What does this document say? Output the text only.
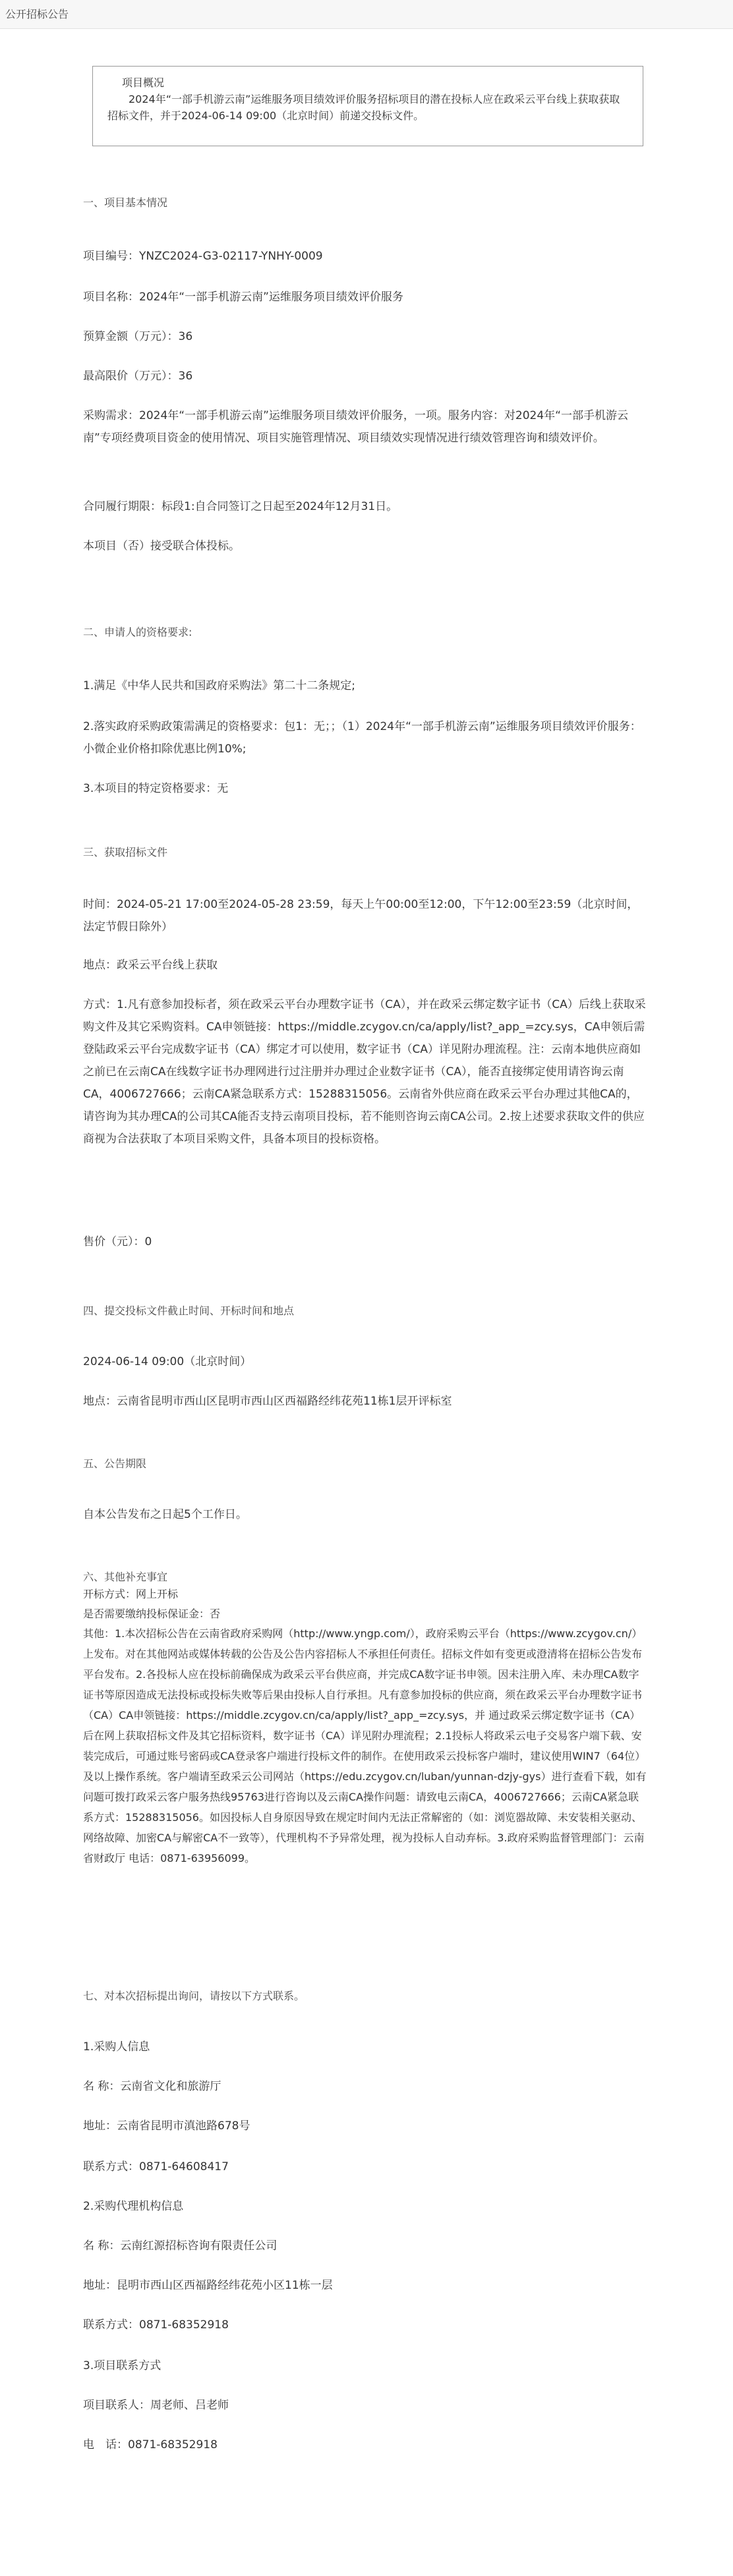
公开招标公告
项目概况
2024年“一部手机游云南”运维服务项目绩效评价服务招标项目的潜在投标人应在政采云平台线上获取获取招标文件，并于2024-06-14 09:00（北京时间）前递交投标文件。
一、项目基本情况
项目编号：YNZC2024-G3-02117-YNHY-0009
项目名称：2024年“一部手机游云南”运维服务项目绩效评价服务
预算金额（万元）：36
最高限价（万元）：36
采购需求：2024年“一部手机游云南”运维服务项目绩效评价服务，一项。服务内容：对2024年“一部手机游云南”专项经费项目资金的使用情况、项目实施管理情况、项目绩效实现情况进行绩效管理咨询和绩效评价。
合同履行期限：标段1:自合同签订之日起至2024年12月31日。
本项目（否）接受联合体投标。
二、申请人的资格要求:
1.满足《中华人民共和国政府采购法》第二十二条规定;
2.落实政府采购政策需满足的资格要求：包1：无；；（1）2024年“一部手机游云南”运维服务项目绩效评价服务：小微企业价格扣除优惠比例10%;
3.本项目的特定资格要求：无
三、获取招标文件
时间：2024-05-21 17:00至2024-05-28 23:59，每天上午00:00至12:00，下午12:00至23:59（北京时间，法定节假日除外）
地点：政采云平台线上获取
方式：1.凡有意参加投标者，须在政采云平台办理数字证书（CA），并在政采云绑定数字证书（CA）后线上获取采购文件及其它采购资料。CA申领链接：https://middle.zcygov.cn/ca/apply/list?_app_=zcy.sys，CA申领后需登陆政采云平台完成数字证书（CA）绑定才可以使用，数字证书（CA）详见附办理流程。注：云南本地供应商如之前已在云南CA在线数字证书办理网进行过注册并办理过企业数字证书（CA），能否直接绑定使用请咨询云南CA，4006727666；云南CA紧急联系方式：15288315056。云南省外供应商在政采云平台办理过其他CA的，请咨询为其办理CA的公司其CA能否支持云南项目投标，若不能则咨询云南CA公司。2.按上述要求获取文件的供应商视为合法获取了本项目采购文件，具备本项目的投标资格。
售价（元）：0
四、提交投标文件截止时间、开标时间和地点
2024-06-14 09:00（北京时间）
地点：云南省昆明市西山区昆明市西山区西福路经纬花苑11栋1层开评标室
五、公告期限
自本公告发布之日起5个工作日。
六、其他补充事宜
开标方式：网上开标
是否需要缴纳投标保证金：否
其他：1.本次招标公告在云南省政府采购网（http://www.yngp.com/），政府采购云平台（https://www.zcygov.cn/）上发布。对在其他网站或媒体转载的公告及公告内容招标人不承担任何责任。招标文件如有变更或澄清将在招标公告发布平台发布。2.各投标人应在投标前确保成为政采云平台供应商，并完成CA数字证书申领。因未注册入库、未办理CA数字证书等原因造成无法投标或投标失败等后果由投标人自行承担。凡有意参加投标的供应商，须在政采云平台办理数字证书（CA）CA申领链接：https://middle.zcygov.cn/ca/apply/list?_app_=zcy.sys，并 通过政采云绑定数字证书（CA）后在网上获取招标文件及其它招标资料，数字证书（CA）详见附办理流程；2.1投标人将政采云电子交易客户端下载、安装完成后，可通过账号密码或CA登录客户端进行投标文件的制作。在使用政采云投标客户端时，建议使用WIN7（64位）及以上操作系统。客户端请至政采云公司网站（https://edu.zcygov.cn/luban/yunnan-dzjy-gys）进行查看下载，如有问题可拨打政采云客户服务热线95763进行咨询以及云南CA操作问题：请致电云南CA，4006727666；云南CA紧急联系方式：15288315056。如因投标人自身原因导致在规定时间内无法正常解密的（如：浏览器故障、未安装相关驱动、网络故障、加密CA与解密CA不一致等），代理机构不予异常处理，视为投标人自动弃标。3.政府采购监督管理部门：云南省财政厅 电话：0871-63956099。
七、对本次招标提出询问，请按以下方式联系。
1.采购人信息
名 称：云南省文化和旅游厅
地址：云南省昆明市滇池路678号
联系方式：0871-64608417
2.采购代理机构信息
名 称：云南红源招标咨询有限责任公司
地址：昆明市西山区西福路经纬花苑小区11栋一层
联系方式：0871-68352918
3.项目联系方式
项目联系人：周老师、吕老师
电　话：0871-68352918
